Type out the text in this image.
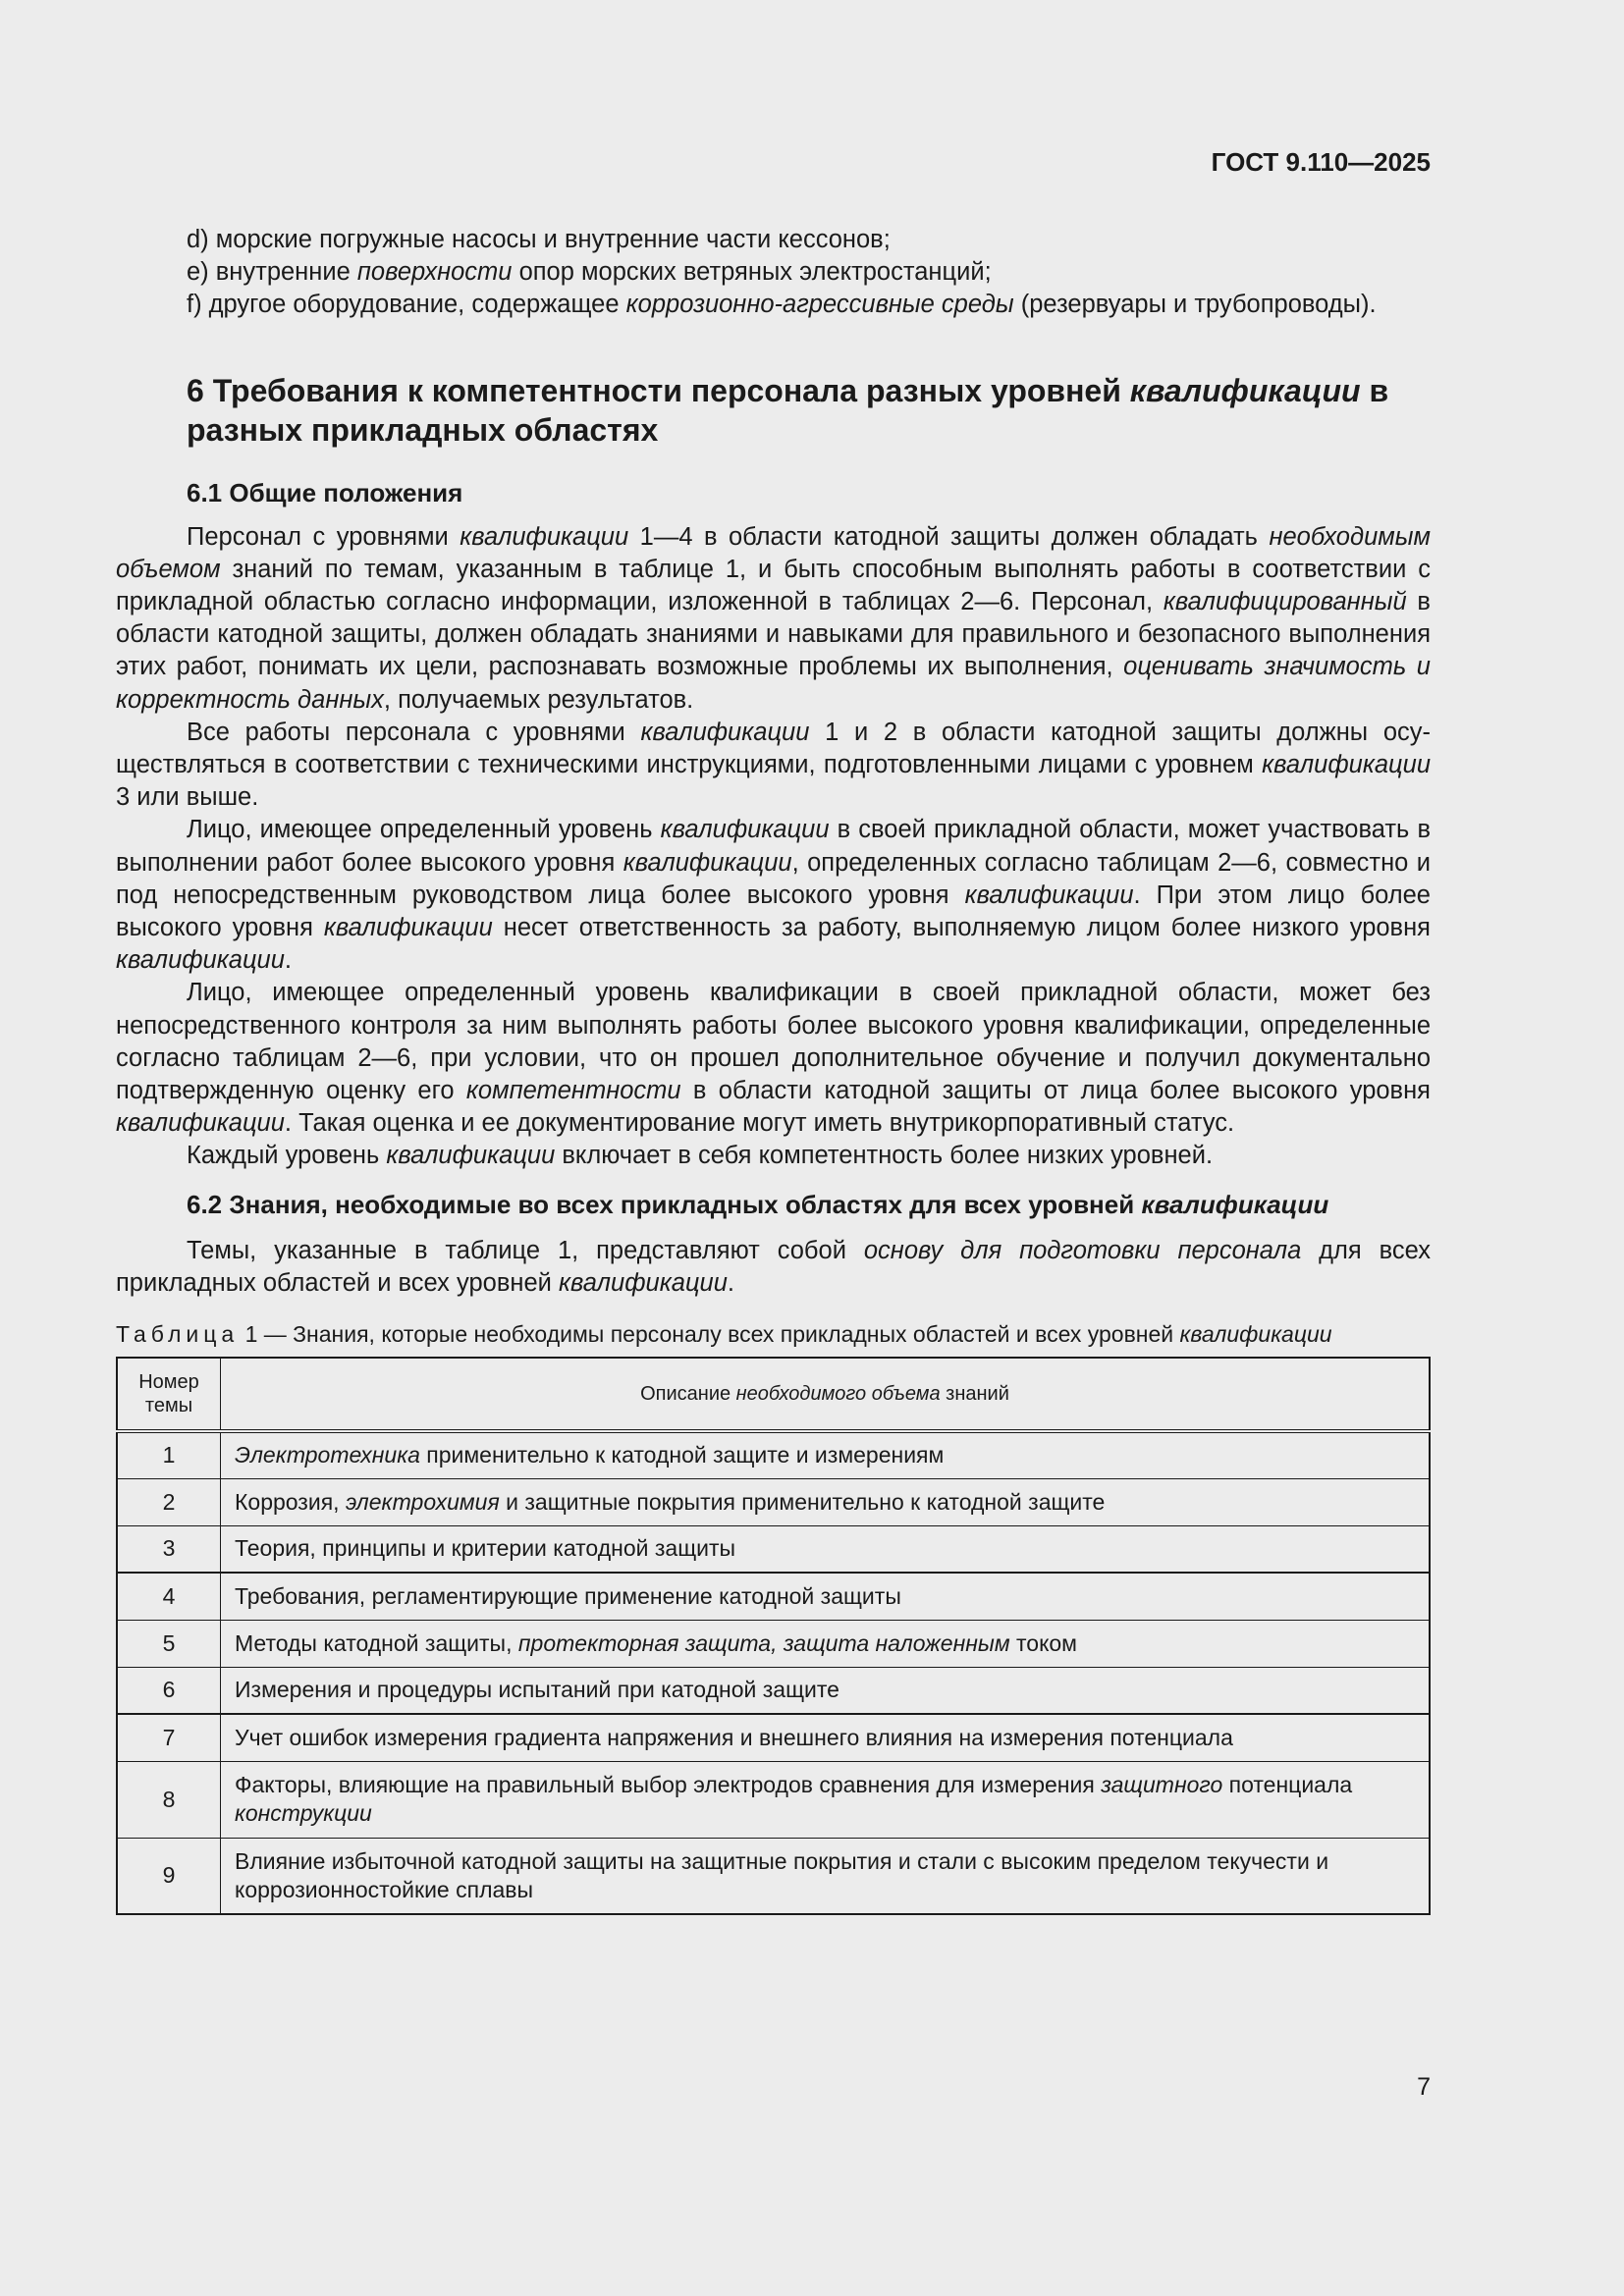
ГОСТ 9.110—2025

d) морские погружные насосы и внутренние части кессонов;

e) внутренние поверхности опор морских ветряных электростанций;

f) другое оборудование, содержащее коррозионно-агрессивные среды (резервуары и трубопроводы).

6 Требования к компетентности персонала разных уровней квалификации в разных прикладных областях
6.1 Общие положения

Персонал с уровнями квалификации 1—4 в области катодной защиты должен обладать необходимым объемом знаний по темам, указанным в таблице 1, и быть способным выполнять работы в соответствии с прикладной областью согласно информации, изложенной в таблицах 2—6. Персонал, квалифицированный в области катодной защиты, должен обладать знаниями и навыками для правильного и безопасного выполнения этих работ, понимать их цели, распознавать возможные проблемы их выполнения, оценивать значимость и корректность данных, получаемых результатов.

Все работы персонала с уровнями квалификации 1 и 2 в области катодной защиты должны осуществляться в соответствии с техническими инструкциями, подготовленными лицами с уровнем квалификации 3 или выше.

Лицо, имеющее определенный уровень квалификации в своей прикладной области, может участвовать в выполнении работ более высокого уровня квалификации, определенных согласно таблицам 2—6, совместно и под непосредственным руководством лица более высокого уровня квалификации. При этом лицо более высокого уровня квалификации несет ответственность за работу, выполняемую лицом более низкого уровня квалификации.

Лицо, имеющее определенный уровень квалификации в своей прикладной области, может без непосредственного контроля за ним выполнять работы более высокого уровня квалификации, определенные согласно таблицам 2—6, при условии, что он прошел дополнительное обучение и получил документально подтвержденную оценку его компетентности в области катодной защиты от лица более высокого уровня квалификации. Такая оценка и ее документирование могут иметь внутрикорпоративный статус.

Каждый уровень квалификации включает в себя компетентность более низких уровней.

6.2 Знания, необходимые во всех прикладных областях для всех уровней квалификации

Темы, указанные в таблице 1, представляют собой основу для подготовки персонала для всех прикладных областей и всех уровней квалификации.

Таблица 1 — Знания, которые необходимы персоналу всех прикладных областей и всех уровней квалификации

Номер темы	Описание необходимого объема знаний
1	Электротехника применительно к катодной защите и измерениям
2	Коррозия, электрохимия и защитные покрытия применительно к катодной защите
3	Теория, принципы и критерии катодной защиты
4	Требования, регламентирующие применение катодной защиты
5	Методы катодной защиты, протекторная защита, защита наложенным током
6	Измерения и процедуры испытаний при катодной защите
7	Учет ошибок измерения градиента напряжения и внешнего влияния на измерения потенциала
8	Факторы, влияющие на правильный выбор электродов сравнения для измерения защитного потенциала конструкции
9	Влияние избыточной катодной защиты на защитные покрытия и стали с высоким пределом текучести и коррозионностойкие сплавы
7
